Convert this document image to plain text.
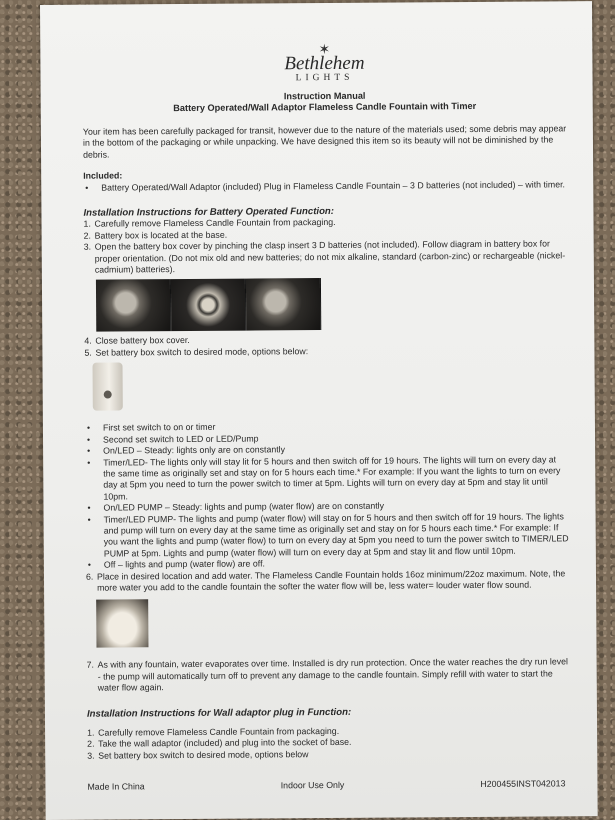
✶
Bethlehem
LIGHTS
Instruction Manual
Battery Operated/Wall Adaptor Flameless Candle Fountain with Timer

Your item has been carefully packaged for transit, however due to the nature of the materials used; some debris may appear in the bottom of the packaging or while unpacking. We have designed this item so its beauty will not be diminished by the debris.

Included:
•	Battery Operated/Wall Adaptor (included) Plug in Flameless Candle Fountain – 3 D batteries (not included) – with timer.
Installation Instructions for Battery Operated Function:
1. Carefully remove Flameless Candle Fountain from packaging.
2. Battery box is located at the base.
3. Open the battery box cover by pinching the clasp insert 3 D batteries (not included). Follow diagram in battery box for proper orientation. (Do not mix old and new batteries; do not mix alkaline, standard (carbon-zinc) or rechargeable (nickel-cadmium) batteries).
4. Close battery box cover.
5. Set battery box switch to desired mode, options below:
•	First set switch to on or timer
•	Second set switch to LED or LED/Pump
•	On/LED – Steady: lights only are on constantly
•	Timer/LED- The lights only will stay lit for 5 hours and then switch off for 19 hours. The lights will turn on every day at the same time as originally set and stay on for 5 hours each time.* For example: If you want the lights to turn on every day at 5pm you need to turn the power switch to timer at 5pm. Lights will turn on every day at 5pm and stay lit until 10pm.
•	On/LED PUMP – Steady: lights and pump (water flow) are on constantly
•	Timer/LED PUMP- The lights and pump (water flow) will stay on for 5 hours and then switch off for 19 hours. The lights and pump will turn on every day at the same time as originally set and stay on for 5 hours each time.* For example: If you want the lights and pump (water flow) to turn on every day at 5pm you need to turn the power switch to TIMER/LED PUMP at 5pm. Lights and pump (water flow) will turn on every day at 5pm and stay lit and flow until 10pm.
•	Off – lights and pump (water flow) are off.
6. Place in desired location and add water. The Flameless Candle Fountain holds 16oz minimum/22oz maximum. Note, the more water you add to the candle fountain the softer the water flow will be, less water= louder water flow sound.
7. As with any fountain, water evaporates over time. Installed is dry run protection. Once the water reaches the dry run level - the pump will automatically turn off to prevent any damage to the candle fountain. Simply refill with water to start the water flow again.
Installation Instructions for Wall adaptor plug in Function:
1. Carefully remove Flameless Candle Fountain from packaging.
2. Take the wall adaptor (included) and plug into the socket of base.
3. Set battery box switch to desired mode, options below
Made In China	Indoor Use Only	H200455INST042013
